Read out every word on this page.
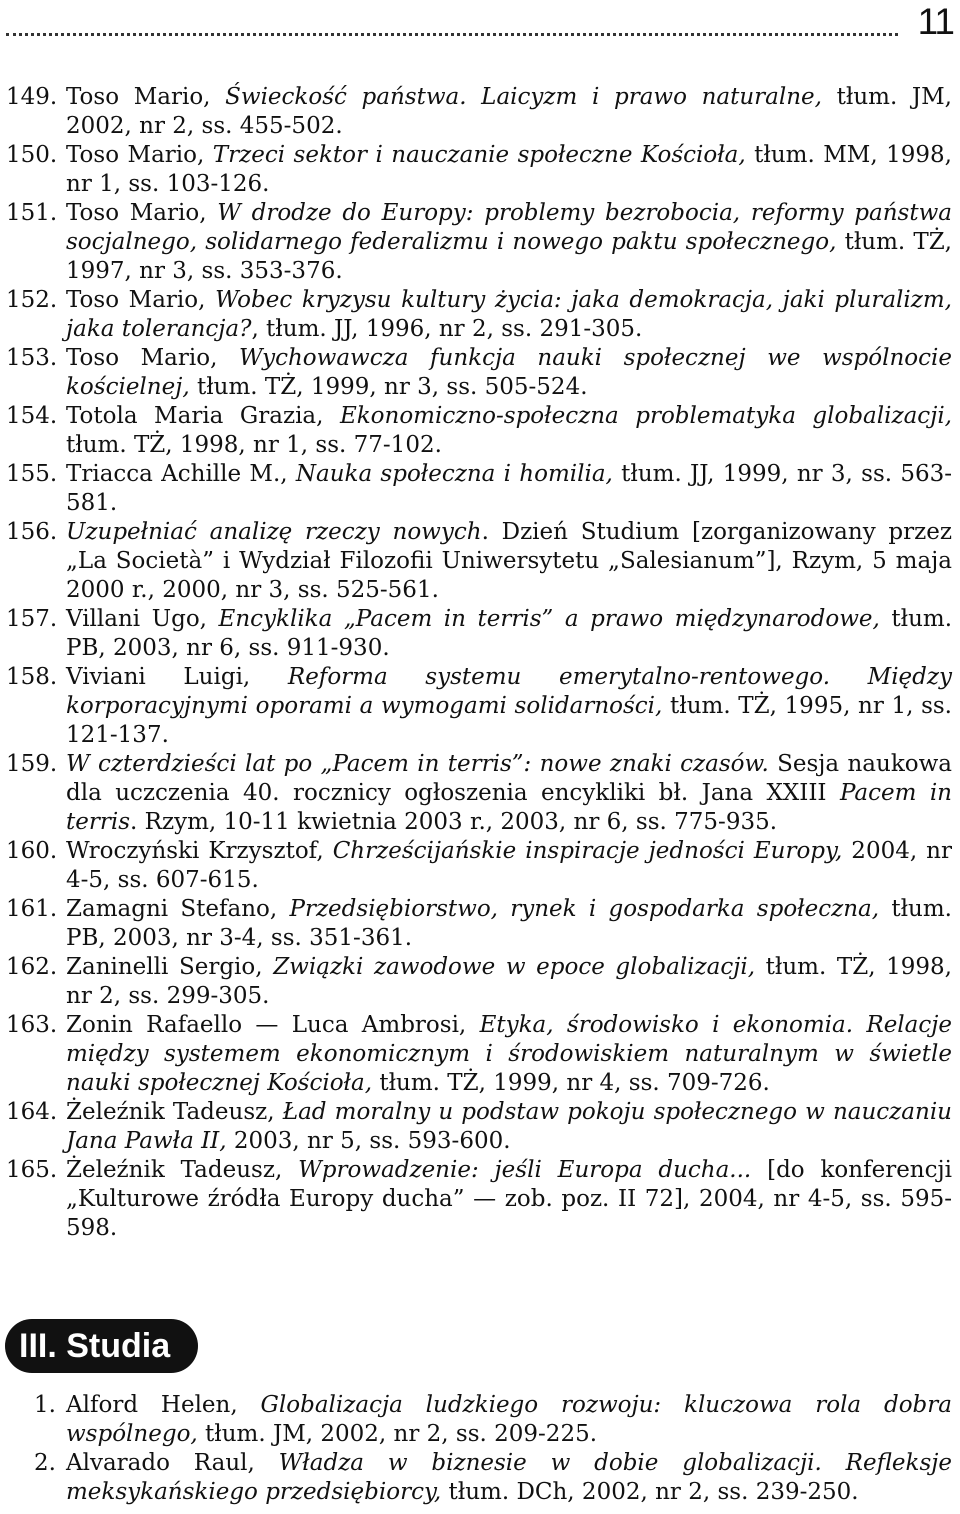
11
149. Toso Mario, Świeckość państwa. Laicyzm i prawo naturalne, tłum. JM, 2002, nr 2, ss. 455-502.
150. Toso Mario, Trzeci sektor i nauczanie społeczne Kościoła, tłum. MM, 1998, nr 1, ss. 103-126.
151. Toso Mario, W drodze do Europy: problemy bezrobocia, reformy państwa socjalnego, solidarnego federalizmu i nowego paktu społecznego, tłum. TŻ, 1997, nr 3, ss. 353-376.
152. Toso Mario, Wobec kryzysu kultury życia: jaka demokracja, jaki pluralizm, jaka tolerancja?, tłum. JJ, 1996, nr 2, ss. 291-305.
153. Toso Mario, Wychowawcza funkcja nauki społecznej we wspólnocie kościelnej, tłum. TŻ, 1999, nr 3, ss. 505-524.
154. Totola Maria Grazia, Ekonomiczno-społeczna problematyka globalizacji, tłum. TŻ, 1998, nr 1, ss. 77-102.
155. Triacca Achille M., Nauka społeczna i homilia, tłum. JJ, 1999, nr 3, ss. 563-581.
156. Uzupełniać analizę rzeczy nowych. Dzień Studium [zorganizowany przez „La Società” i Wydział Filozofii Uniwersytetu „Salesianum”], Rzym, 5 maja 2000 r., 2000, nr 3, ss. 525-561.
157. Villani Ugo, Encyklika „Pacem in terris” a prawo międzynarodowe, tłum. PB, 2003, nr 6, ss. 911-930.
158. Viviani Luigi, Reforma systemu emerytalno-rentowego. Między korporacyjnymi oporami a wymogami solidarności, tłum. TŻ, 1995, nr 1, ss. 121-137.
159. W czterdzieści lat po „Pacem in terris”: nowe znaki czasów. Sesja naukowa dla uczczenia 40. rocznicy ogłoszenia encykliki bł. Jana XXIII Pacem in terris. Rzym, 10-11 kwietnia 2003 r., 2003, nr 6, ss. 775-935.
160. Wroczyński Krzysztof, Chrześcijańskie inspiracje jedności Europy, 2004, nr 4-5, ss. 607-615.
161. Zamagni Stefano, Przedsiębiorstwo, rynek i gospodarka społeczna, tłum. PB, 2003, nr 3-4, ss. 351-361.
162. Zaninelli Sergio, Związki zawodowe w epoce globalizacji, tłum. TŻ, 1998, nr 2, ss. 299-305.
163. Zonin Rafaello — Luca Ambrosi, Etyka, środowisko i ekonomia. Relacje między systemem ekonomicznym i środowiskiem naturalnym w świetle nauki społecznej Kościoła, tłum. TŻ, 1999, nr 4, ss. 709-726.
164. Żeleźnik Tadeusz, Ład moralny u podstaw pokoju społecznego w nauczaniu Jana Pawła II, 2003, nr 5, ss. 593-600.
165. Żeleźnik Tadeusz, Wprowadzenie: jeśli Europa ducha... [do konferencji „Kulturowe źródła Europy ducha” — zob. poz. II 72], 2004, nr 4-5, ss. 595-598.
III. Studia
1. Alford Helen, Globalizacja ludzkiego rozwoju: kluczowa rola dobra wspólnego, tłum. JM, 2002, nr 2, ss. 209-225.
2. Alvarado Raul, Władza w biznesie w dobie globalizacji. Refleksje meksykańskiego przedsiębiorcy, tłum. DCh, 2002, nr 2, ss. 239-250.
